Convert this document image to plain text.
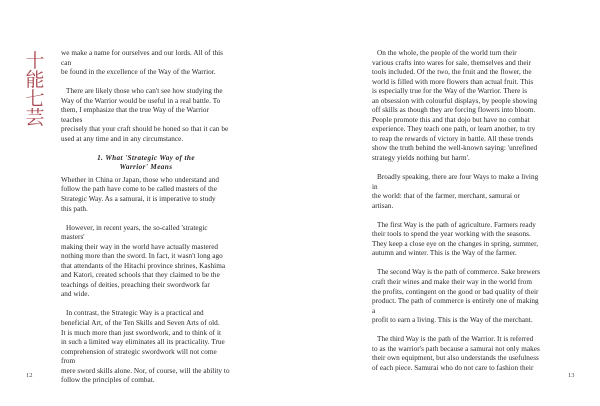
十能七芸

we make a name for ourselves and our lords. All of this can
be found in the excellence of the Way of the Warrior.

There are likely those who can't see how studying the
Way of the Warrior would be useful in a real battle. To
them, I emphasize that the true Way of the Warrior teaches
precisely that your craft should be honed so that it can be
used at any time and in any circumstance.

1. What 'Strategic Way of the
Warrior' Means

Whether in China or Japan, those who understand and
follow the path have come to be called masters of the
Strategic Way. As a samurai, it is imperative to study
this path.

However, in recent years, the so-called 'strategic masters'
making their way in the world have actually mastered
nothing more than the sword. In fact, it wasn't long ago
that attendants of the Hitachi province shrines, Kashima
and Katori, created schools that they claimed to be the
teachings of deities, preaching their swordwork far
and wide.

In contrast, the Strategic Way is a practical and
beneficial Art, of the Ten Skills and Seven Arts of old.
It is much more than just swordwork, and to think of it
in such a limited way eliminates all its practicality. True
comprehension of strategic swordwork will not come from
mere sword skills alone. Nor, of course, will the ability to
follow the principles of combat.

12

On the whole, the people of the world turn their
various crafts into wares for sale, themselves and their
tools included. Of the two, the fruit and the flower, the
world is filled with more flowers than actual fruit. This
is especially true for the Way of the Warrior. There is
an obsession with colourful displays, by people showing
off skills as though they are forcing flowers into bloom.
People promote this and that dojo but have no combat
experience. They teach one path, or learn another, to try
to reap the rewards of victory in battle. All these trends
show the truth behind the well-known saying: 'unrefined
strategy yields nothing but harm'.

Broadly speaking, there are four Ways to make a living in
the world: that of the farmer, merchant, samurai or artisan.

The first Way is the path of agriculture. Farmers ready
their tools to spend the year working with the seasons.
They keep a close eye on the changes in spring, summer,
autumn and winter. This is the Way of the farmer.

The second Way is the path of commerce. Sake brewers
craft their wines and make their way in the world from
the profits, contingent on the good or bad quality of their
product. The path of commerce is entirely one of making a
profit to earn a living. This is the Way of the merchant.

The third Way is the path of the Warrior. It is referred
to as the warrior's path because a samurai not only makes
their own equipment, but also understands the usefulness
of each piece. Samurai who do not care to fashion their

13
